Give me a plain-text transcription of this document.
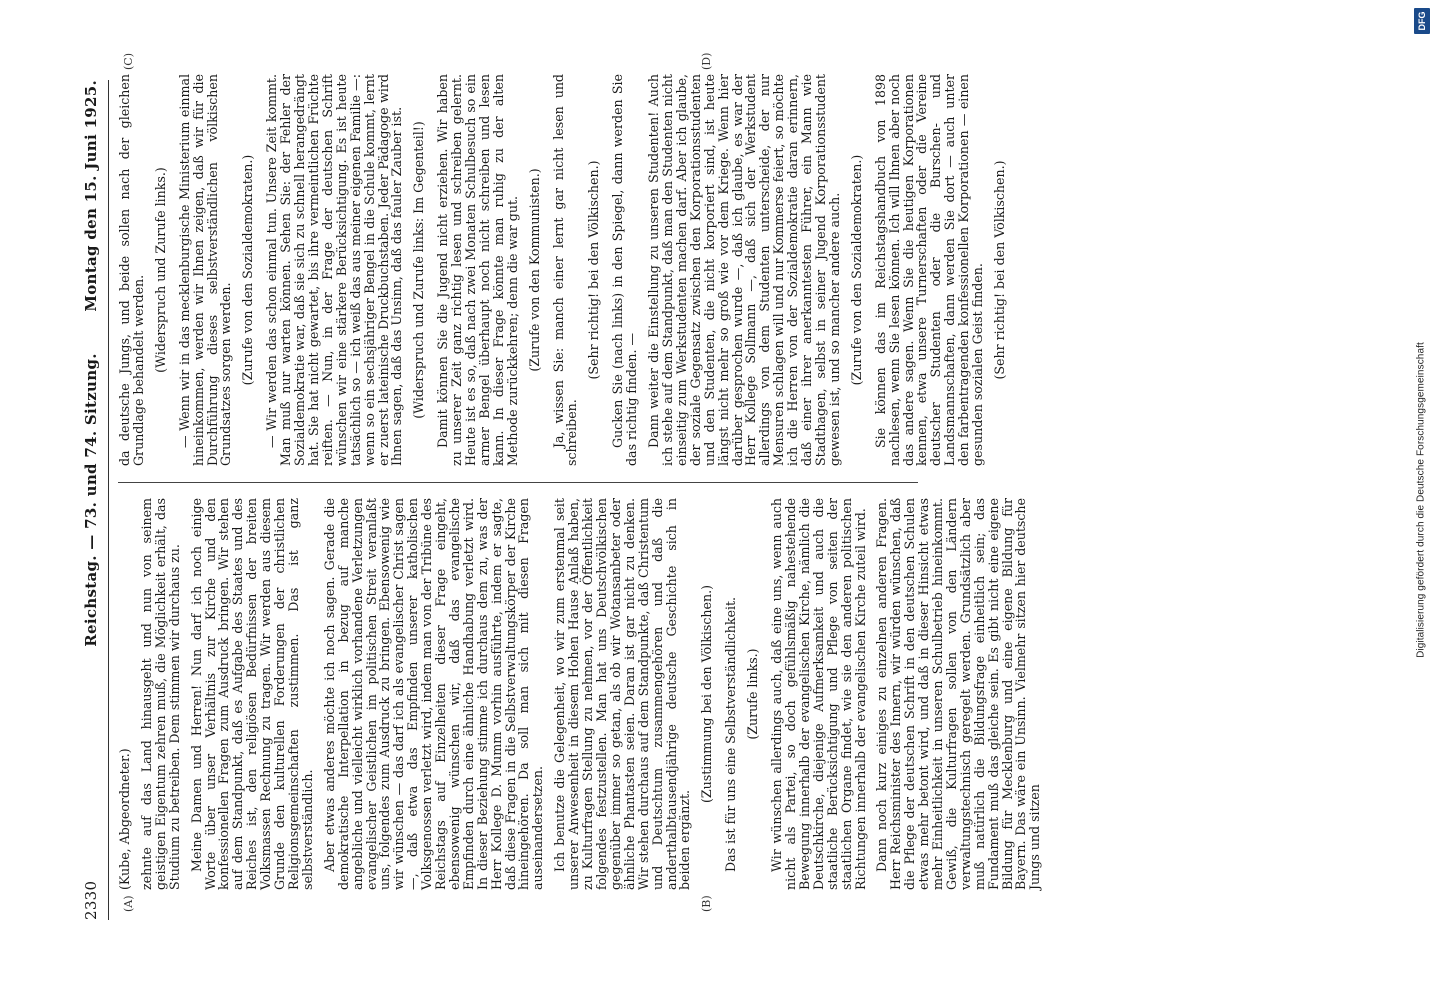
2330
Reichstag. — 73. und 74. Sitzung.
Montag den 15. Juni 1925.
(A)	(B)
(C)	(D)

(Kube, Abgeordneter.) zehnte auf das Land hinausgeht und nun von seinem geistigen Eigentum zehren muß, die Möglichkeit erhält, das Studium zu betreiben. Dem stimmen wir durchaus zu. Meine Damen und Herren! Nun darf ich noch einige Worte über unser Verhältnis zur Kirche und den konfessionellen Fragen zum Ausdruck bringen. Wir stehen auf dem Standpunkt, daß es Aufgabe des Staates und des Reiches ist, den religiösen Bedürfnissen der breiten Volksmassen Rechnung zu tragen. Wir werden aus diesem Grunde den kulturellen Forderungen der christlichen Religionsgemeinschaften zustimmen. Das ist ganz selbstverständlich. Aber etwas anderes möchte ich noch sagen. Gerade die demokratische Interpellation in bezug auf manche angebliche und vielleicht wirklich vorhandene Verletzungen evangelischer Geistlichen im politischen Streit veranlaßt uns, folgendes zum Ausdruck zu bringen. Ebensowenig wie wir wünschen — das darf ich als evangelischer Christ sagen —, daß etwa das Empfinden unserer katholischen Volksgenossen verletzt wird, indem man von der Tribüne des Reichstags auf Einzelheiten dieser Frage eingeht, ebensowenig wünschen wir, daß das evangelische Empfinden durch eine ähnliche Handhabung verletzt wird. In dieser Beziehung stimme ich durchaus dem zu, was der Herr Kollege D. Mumm vorhin ausführte, indem er sagte, daß diese Fragen in die Selbstverwaltungskörper der Kirche hineingehören. Da soll man sich mit diesen Fragen auseinandersetzen. Ich benutze die Gelegenheit, wo wir zum erstenmal seit unserer Anwesenheit in diesem Hohen Hause Anlaß haben, zu Kulturfragen Stellung zu nehmen, vor der Öffentlichkeit folgendes festzustellen. Man hat uns Deutschvölkischen gegenüber immer so getan, als ob wir Wotansanbeter oder ähnliche Phantasten seien. Daran ist gar nicht zu denken. Wir stehen durchaus auf dem Standpunkte, daß Christentum und Deutschtum zusammengehören und daß die anderthalbtausendjährige deutsche Geschichte sich in beiden ergänzt.

(Zustimmung bei den Völkischen.) Das ist für uns eine Selbstverständlichkeit. (Zurufe links.) Wir wünschen allerdings auch, daß eine uns, wenn auch nicht als Partei, so doch gefühlsmäßig nahestehende Bewegung innerhalb der evangelischen Kirche, nämlich die Deutschkirche, diejenige Aufmerksamkeit und auch die staatliche Berücksichtigung und Pflege von seiten der staatlichen Organe findet, wie sie den anderen politischen Richtungen innerhalb der evangelischen Kirche zuteil wird. Dann noch kurz einiges zu einzelnen anderen Fragen. Herr Reichsminister des Innern, wir würden wünschen, daß die Pflege der deutschen Schrift in den deutschen Schulen etwas mehr betont wird, und daß in dieser Hinsicht etwas mehr Einheitlichkeit in unseren Schulbetrieb hineinkommt. Gewiß, die Kulturfragen sollen von den Ländern verwaltungstechnisch geregelt werden. Grundsätzlich aber muß natürlich die Bildungsfrage einheitlich sein; das Fundament muß das gleiche sein. Es gibt nicht eine eigene Bildung für Mecklenburg und eine eigene Bildung für Bayern. Das wäre ein Unsinn. Vielmehr sitzen hier deutsche Jungs und sitzen

da deutsche Jungs, und beide sollen nach der gleichen Grundlage behandelt werden. (Widerspruch und Zurufe links.) — Wenn wir in das mecklenburgische Ministerium einmal hineinkommen, werden wir Ihnen zeigen, daß wir für die Durchführung dieses selbstverständlichen völkischen Grundsatzes sorgen werden. (Zurufe von den Sozialdemokraten.) — Wir werden das schon einmal tun. Unsere Zeit kommt. Man muß nur warten können. Sehen Sie: der Fehler der Sozialdemokratie war, daß sie sich zu schnell herangedrängt hat. Sie hat nicht gewartet, bis ihre vermeintlichen Früchte reiften. — Nun, in der Frage der deutschen Schrift wünschen wir eine stärkere Berücksichtigung. Es ist heute tatsächlich so — ich weiß das aus meiner eigenen Familie —: wenn so ein sechsjähriger Bengel in die Schule kommt, lernt er zuerst lateinische Druckbuchstaben. Jeder Pädagoge wird Ihnen sagen, daß das Unsinn, daß das fauler Zauber ist. (Widerspruch und Zurufe links: Im Gegenteil!) Damit können Sie die Jugend nicht erziehen. Wir haben zu unserer Zeit ganz richtig lesen und schreiben gelernt. Heute ist es so, daß nach zwei Monaten Schulbesuch so ein armer Bengel überhaupt noch nicht schreiben und lesen kann. In dieser Frage könnte man ruhig zu der alten Methode zurückkehren; denn die war gut. (Zurufe von den Kommunisten.) Ja, wissen Sie: manch einer lernt gar nicht lesen und schreiben.

(Sehr richtig! bei den Völkischen.) Gucken Sie (nach links) in den Spiegel, dann werden Sie das richtig finden. — Dann weiter die Einstellung zu unseren Studenten! Auch ich stehe auf dem Standpunkt, daß man den Studenten nicht einseitig zum Werkstudenten machen darf. Aber ich glaube, der soziale Gegensatz zwischen den Korporationsstudenten und den Studenten, die nicht korporiert sind, ist heute längst nicht mehr so groß wie vor dem Kriege. Wenn hier darüber gesprochen wurde —, daß ich glaube, es war der Herr Kollege Sollmann —, daß sich der Werkstudent allerdings von dem Studenten unterscheide, der nur Mensuren schlagen will und nur Kommerse feiert, so möchte ich die Herren von der Sozialdemokratie daran erinnern, daß einer ihrer anerkanntesten Führer, ein Mann wie Stadthagen, selbst in seiner Jugend Korporationsstudent gewesen ist, und so mancher andere auch. (Zurufe von den Sozialdemokraten.) Sie können das im Reichstagshandbuch von 1898 nachlesen, wenn Sie lesen können. Ich will Ihnen aber noch das andere sagen. Wenn Sie die heutigen Korporationen kennen, etwa unsere Turnerschaften oder die Vereine deutscher Studenten oder die Burschen- und Landsmannschaften, dann werden Sie dort — auch unter den farbentragenden konfessionellen Korporationen — einen gesunden sozialen Geist finden. (Sehr richtig! bei den Völkischen.)

Digitalisierung gefördert durch die Deutsche Forschungsgemeinschaft
DFG
